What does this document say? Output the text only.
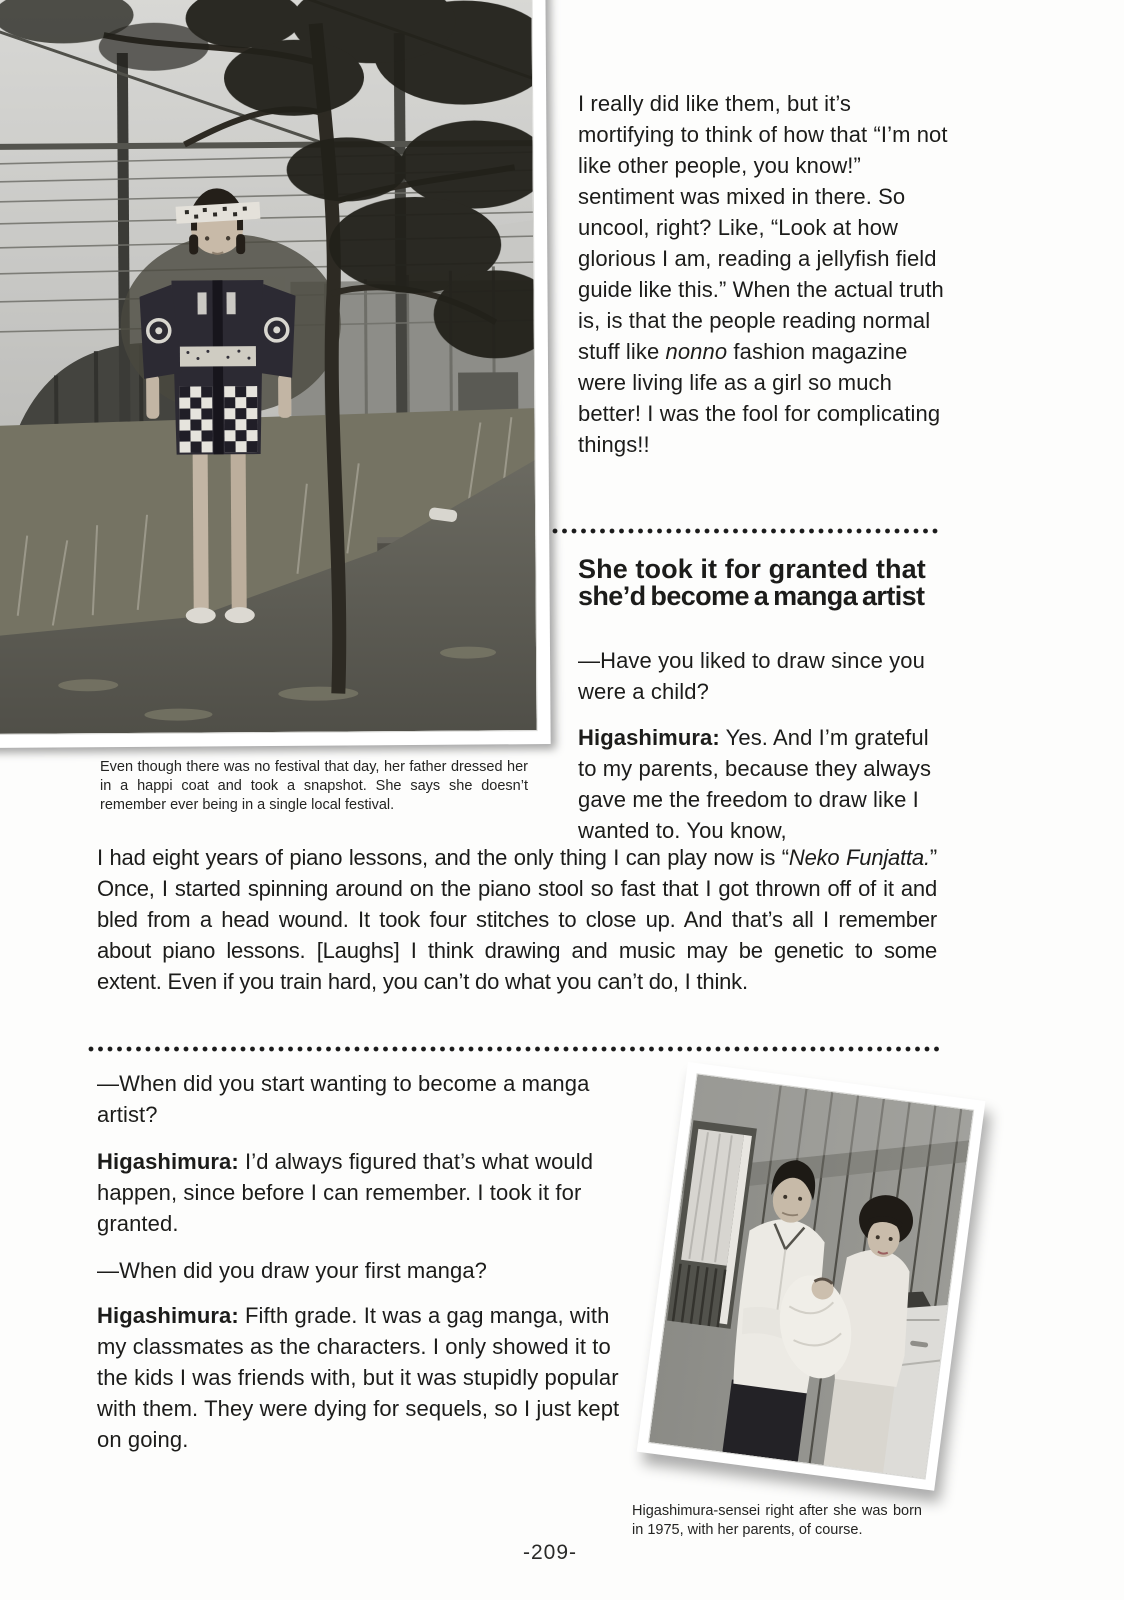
Even though there was no festival that day, her father dressed her in a happi coat and took a snapshot. She says she doesn’t remember ever being in a single local festival.
I really did like them, but it’s mortifying to think of how that “I’m not like other people, you know!” sentiment was mixed in there. So uncool, right? Like, “Look at how glorious I am, reading a jellyfish field guide like this.” When the actual truth is, is that the people reading normal stuff like nonno fashion magazine were living life as a girl so much better! I was the fool for complicating things!!
She took it for granted that
she’d become a manga artist
—Have you liked to draw since you were a child?
Higashimura: Yes. And I’m grateful to my parents, because they always gave me the freedom to draw like I wanted to. You know,
I had eight years of piano lessons, and the only thing I can play now is “Neko Funjatta.” Once, I started spinning around on the piano stool so fast that I got thrown off of it and bled from a head wound. It took four stitches to close up. And that’s all I remember about piano lessons. [Laughs] I think drawing and music may be genetic to some extent. Even if you train hard, you can’t do what you can’t do, I think.
—When did you start wanting to become a manga artist?
Higashimura: I’d always figured that’s what would happen, since before I can remember. I took it for granted.
—When did you draw your first manga?
Higashimura: Fifth grade. It was a gag manga, with my classmates as the characters. I only showed it to the kids I was friends with, but it was stupidly popular with them. They were dying for sequels, so I just kept on going.
Higashimura-sensei right after she was born in 1975, with her parents, of course.
-209-
